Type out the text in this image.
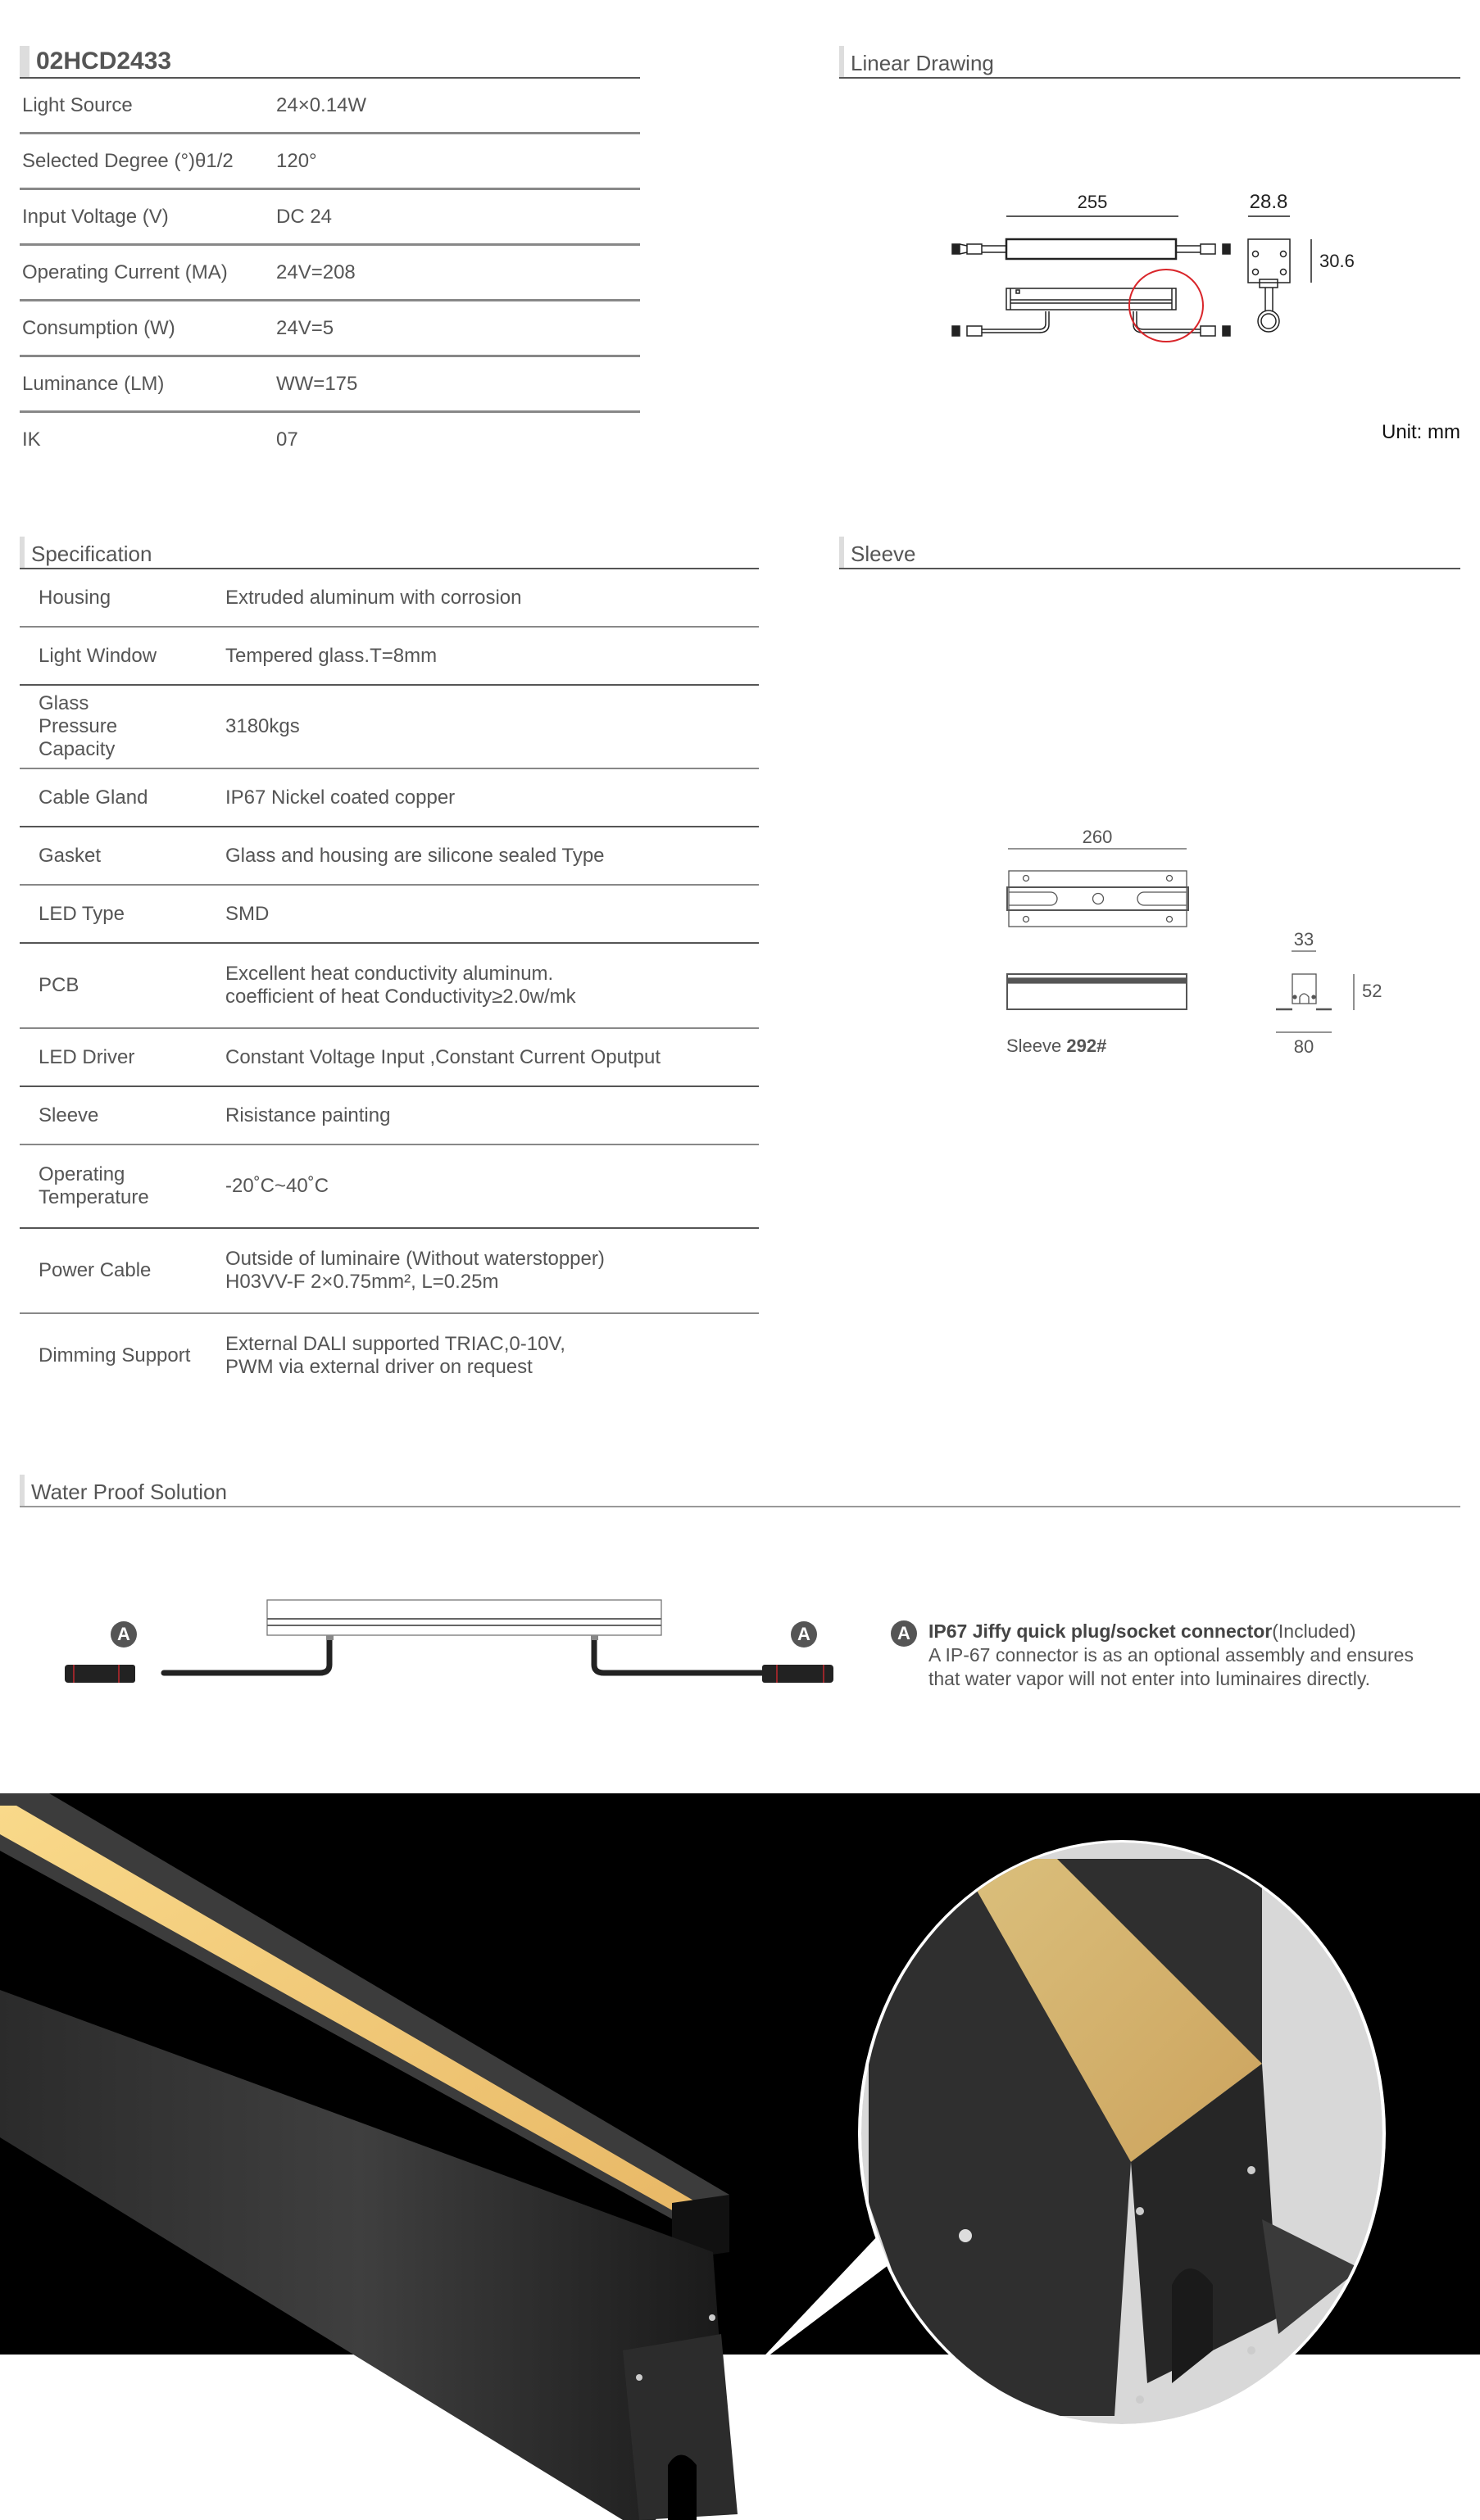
02HCD2433
Light Source	24×0.14W
Selected Degree (°)θ1/2	120°
Input Voltage (V)	DC 24
Operating Current (MA)	24V=208
Consumption (W)	24V=5
Luminance (LM)	WW=175
IK	07
Linear Drawing
255	28.8
30.6
Unit: mm
Specification
Housing	Extruded aluminum with corrosion
Light Window	Tempered glass.T=8mm
Glass Pressure Capacity	3180kgs
Cable Gland	IP67 Nickel coated copper
Gasket	Glass and housing are silicone sealed Type
LED Type	SMD
PCB	Excellent heat conductivity aluminum.
coefficient of heat Conductivity≥2.0w/mk
LED Driver	Constant Voltage Input ,Constant Current Oputput
Sleeve	Risistance painting
Operating Temperature	-20˚C~40˚C
Power Cable	Outside of luminaire (Without waterstopper)
H03VV-F 2×0.75mm², L=0.25m
Dimming Support	External DALI supported TRIAC,0-10V,
PWM via external driver on request
Sleeve
260
33
52
80
Sleeve 292#
Water Proof Solution
A	A	A IP67 Jiffy quick plug/socket connector(Included)
A IP-67 connector is as an optional assembly and ensures
that water vapor will not enter into luminaires directly.
